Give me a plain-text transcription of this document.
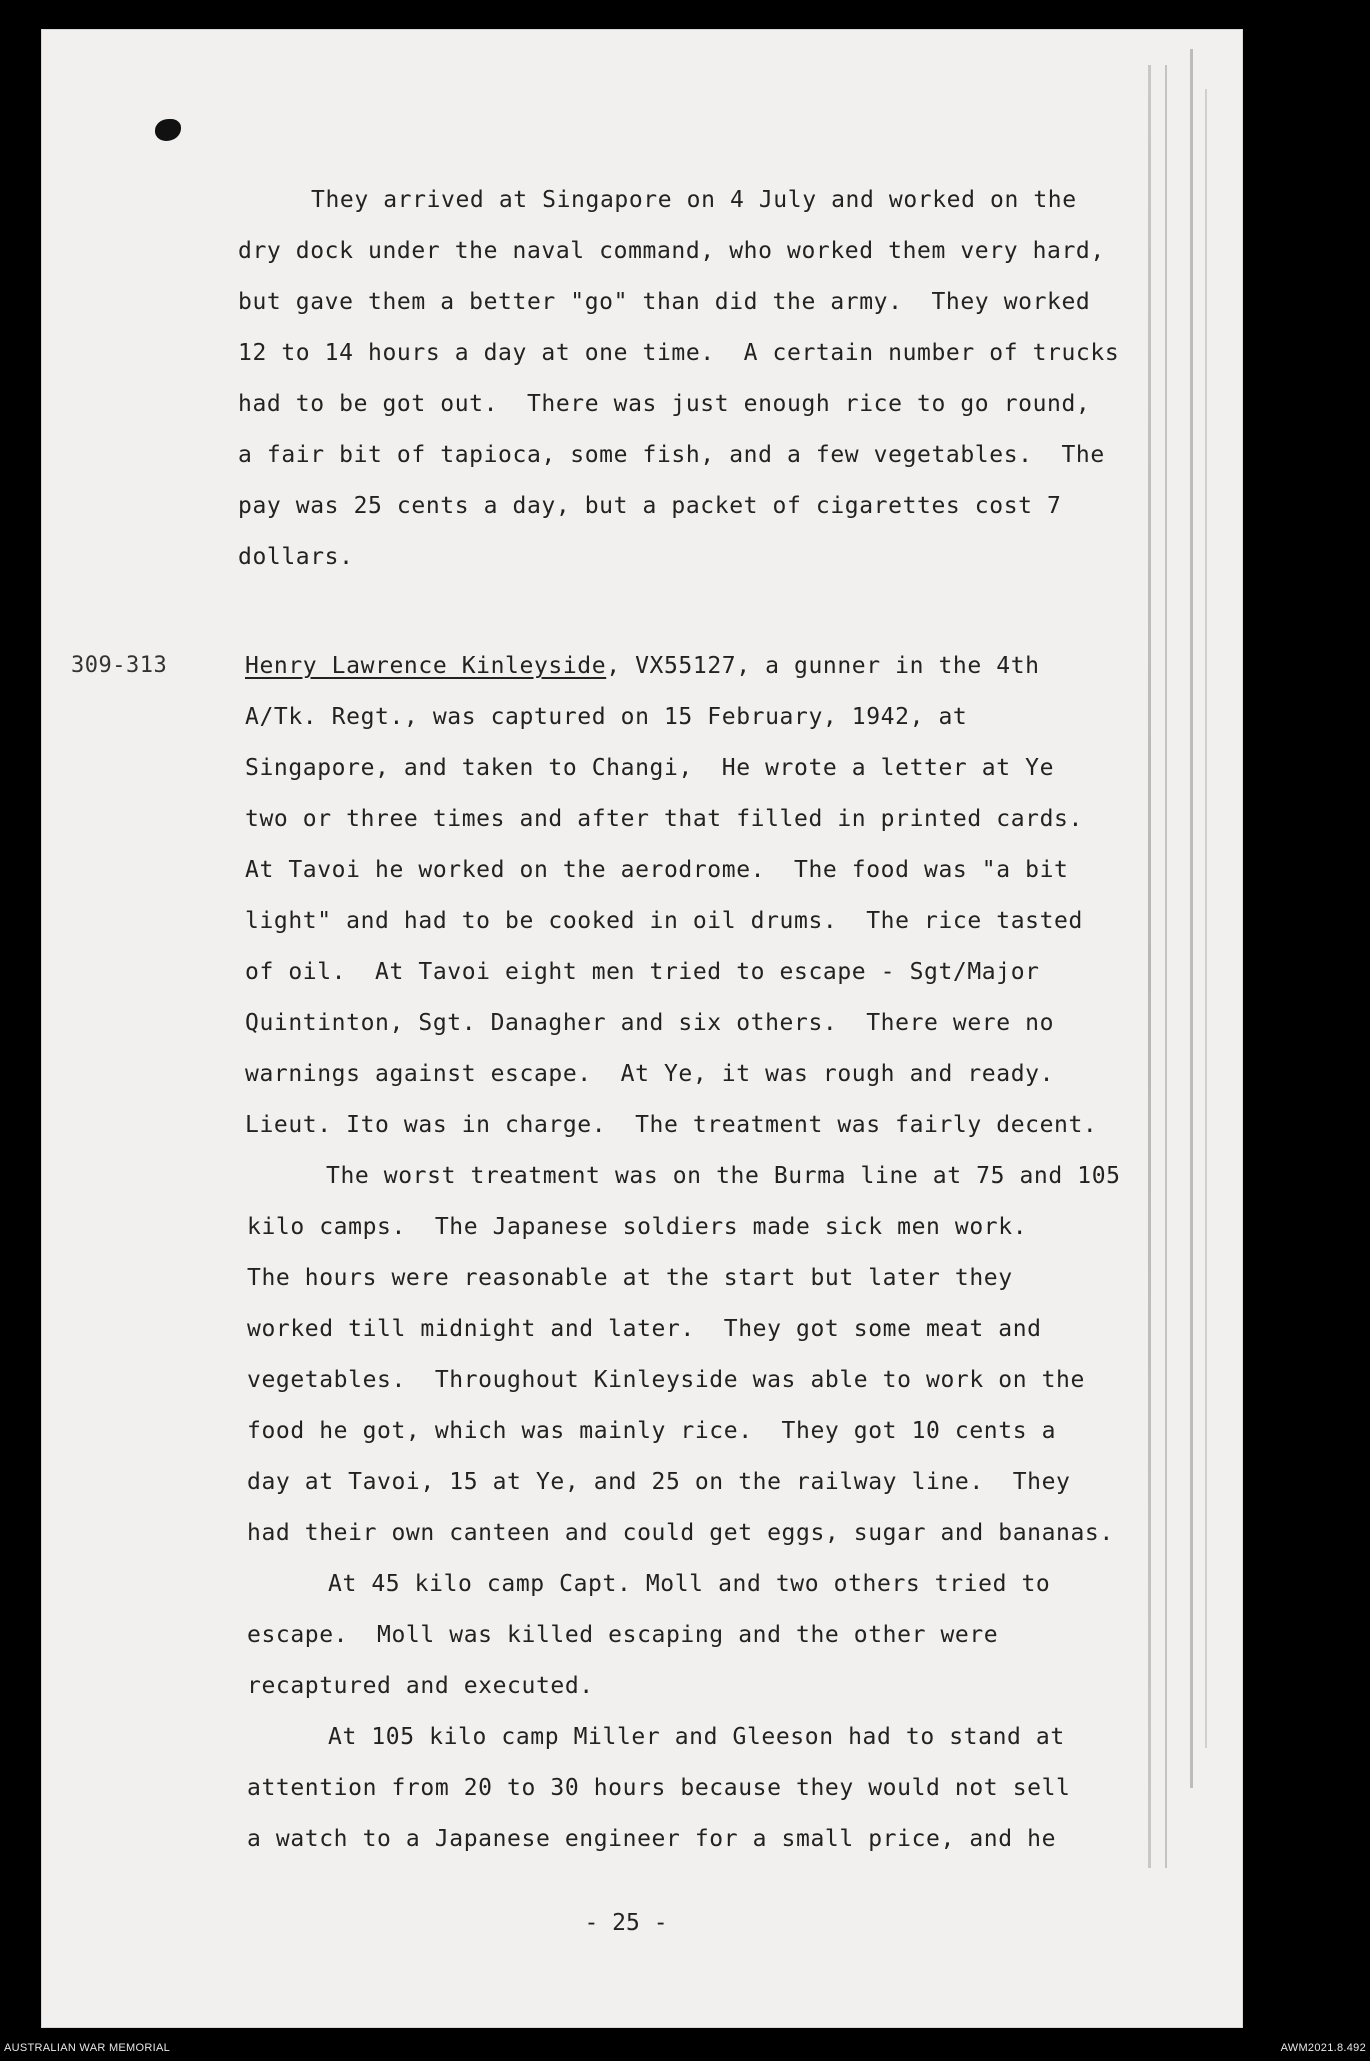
They arrived at Singapore on 4 July and worked on the
dry dock under the naval command, who worked them very hard,
but gave them a better "go" than did the army.  They worked
12 to 14 hours a day at one time.  A certain number of trucks
had to be got out.  There was just enough rice to go round,
a fair bit of tapioca, some fish, and a few vegetables.  The
pay was 25 cents a day, but a packet of cigarettes cost 7
dollars.
309-313	Henry Lawrence Kinleyside, VX55127, a gunner in the 4th
A/Tk. Regt., was captured on 15 February, 1942, at
Singapore, and taken to Changi,  He wrote a letter at Ye
two or three times and after that filled in printed cards.
At Tavoi he worked on the aerodrome.  The food was "a bit
light" and had to be cooked in oil drums.  The rice tasted
of oil.  At Tavoi eight men tried to escape - Sgt/Major
Quintinton, Sgt. Danagher and six others.  There were no
warnings against escape.  At Ye, it was rough and ready.
Lieut. Ito was in charge.  The treatment was fairly decent.
The worst treatment was on the Burma line at 75 and 105
kilo camps.  The Japanese soldiers made sick men work.
The hours were reasonable at the start but later they
worked till midnight and later.  They got some meat and
vegetables.  Throughout Kinleyside was able to work on the
food he got, which was mainly rice.  They got 10 cents a
day at Tavoi, 15 at Ye, and 25 on the railway line.  They
had their own canteen and could get eggs, sugar and bananas.
At 45 kilo camp Capt. Moll and two others tried to
escape.  Moll was killed escaping and the other were
recaptured and executed.
At 105 kilo camp Miller and Gleeson had to stand at
attention from 20 to 30 hours because they would not sell
a watch to a Japanese engineer for a small price, and he
- 25 -
AUSTRALIAN WAR MEMORIAL	AWM2021.8.492
